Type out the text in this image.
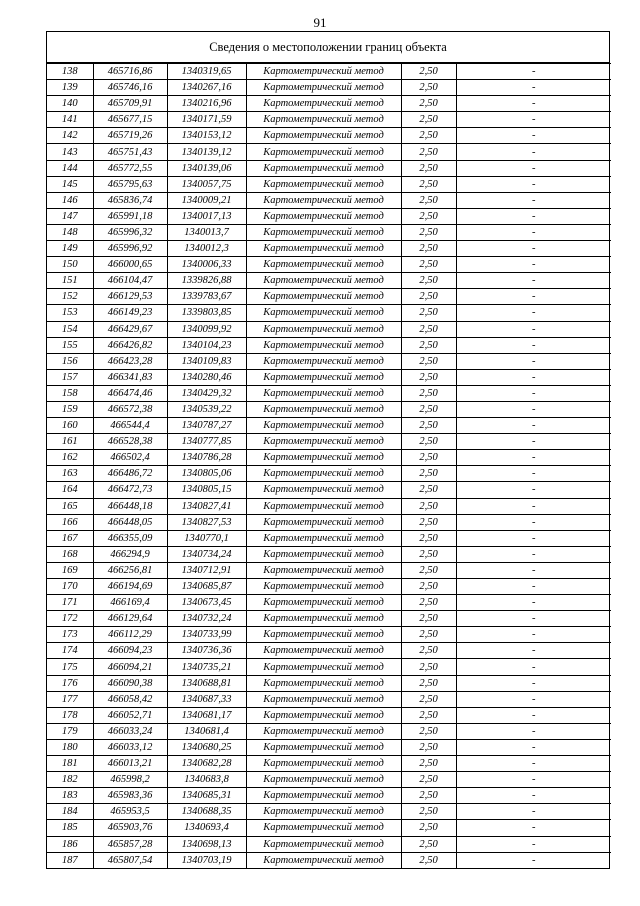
91
Сведения о местоположении границ объекта
138	465716,86	1340319,65	Картометрический метод	2,50	-
139	465746,16	1340267,16	Картометрический метод	2,50	-
140	465709,91	1340216,96	Картометрический метод	2,50	-
141	465677,15	1340171,59	Картометрический метод	2,50	-
142	465719,26	1340153,12	Картометрический метод	2,50	-
143	465751,43	1340139,12	Картометрический метод	2,50	-
144	465772,55	1340139,06	Картометрический метод	2,50	-
145	465795,63	1340057,75	Картометрический метод	2,50	-
146	465836,74	1340009,21	Картометрический метод	2,50	-
147	465991,18	1340017,13	Картометрический метод	2,50	-
148	465996,32	1340013,7	Картометрический метод	2,50	-
149	465996,92	1340012,3	Картометрический метод	2,50	-
150	466000,65	1340006,33	Картометрический метод	2,50	-
151	466104,47	1339826,88	Картометрический метод	2,50	-
152	466129,53	1339783,67	Картометрический метод	2,50	-
153	466149,23	1339803,85	Картометрический метод	2,50	-
154	466429,67	1340099,92	Картометрический метод	2,50	-
155	466426,82	1340104,23	Картометрический метод	2,50	-
156	466423,28	1340109,83	Картометрический метод	2,50	-
157	466341,83	1340280,46	Картометрический метод	2,50	-
158	466474,46	1340429,32	Картометрический метод	2,50	-
159	466572,38	1340539,22	Картометрический метод	2,50	-
160	466544,4	1340787,27	Картометрический метод	2,50	-
161	466528,38	1340777,85	Картометрический метод	2,50	-
162	466502,4	1340786,28	Картометрический метод	2,50	-
163	466486,72	1340805,06	Картометрический метод	2,50	-
164	466472,73	1340805,15	Картометрический метод	2,50	-
165	466448,18	1340827,41	Картометрический метод	2,50	-
166	466448,05	1340827,53	Картометрический метод	2,50	-
167	466355,09	1340770,1	Картометрический метод	2,50	-
168	466294,9	1340734,24	Картометрический метод	2,50	-
169	466256,81	1340712,91	Картометрический метод	2,50	-
170	466194,69	1340685,87	Картометрический метод	2,50	-
171	466169,4	1340673,45	Картометрический метод	2,50	-
172	466129,64	1340732,24	Картометрический метод	2,50	-
173	466112,29	1340733,99	Картометрический метод	2,50	-
174	466094,23	1340736,36	Картометрический метод	2,50	-
175	466094,21	1340735,21	Картометрический метод	2,50	-
176	466090,38	1340688,81	Картометрический метод	2,50	-
177	466058,42	1340687,33	Картометрический метод	2,50	-
178	466052,71	1340681,17	Картометрический метод	2,50	-
179	466033,24	1340681,4	Картометрический метод	2,50	-
180	466033,12	1340680,25	Картометрический метод	2,50	-
181	466013,21	1340682,28	Картометрический метод	2,50	-
182	465998,2	1340683,8	Картометрический метод	2,50	-
183	465983,36	1340685,31	Картометрический метод	2,50	-
184	465953,5	1340688,35	Картометрический метод	2,50	-
185	465903,76	1340693,4	Картометрический метод	2,50	-
186	465857,28	1340698,13	Картометрический метод	2,50	-
187	465807,54	1340703,19	Картометрический метод	2,50	-
